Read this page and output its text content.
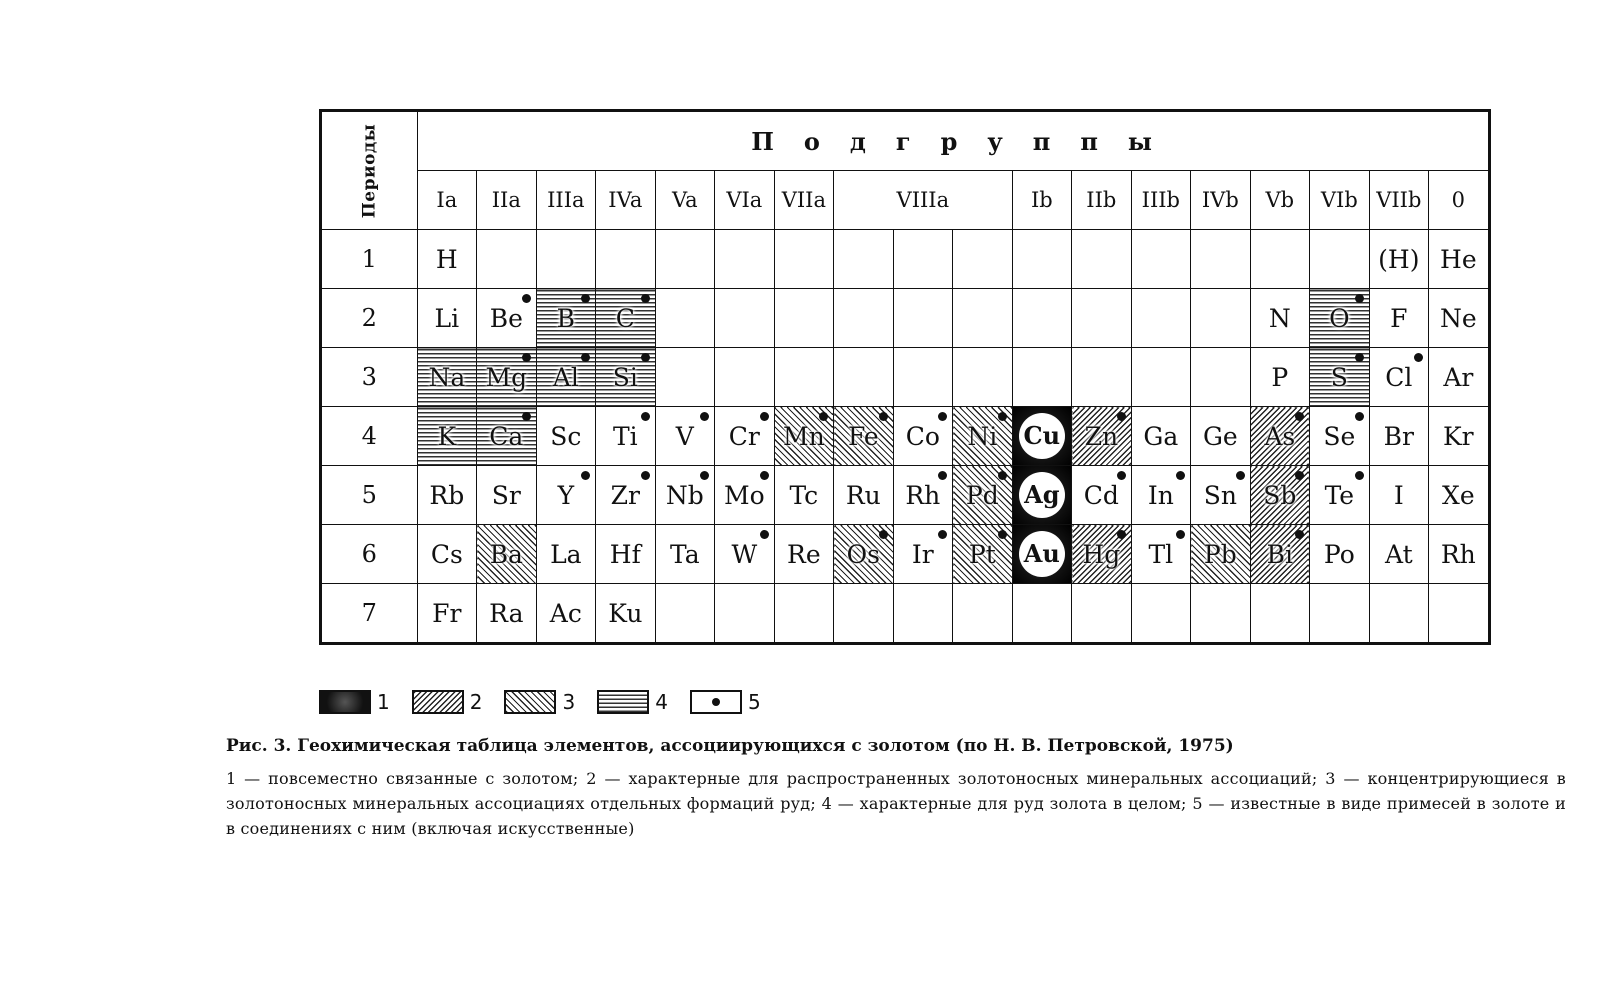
Периоды	П о д г р у п п ы																	
	Ia	IIa	IIIa	IVa	Va	VIa	VIIa	VIIIa			Ib	IIb	IIIb	IVb	Vb	VIb	VIIb	0
1	H																(H)	He
2	Li	Be	B	C											N	O	F	Ne
3	Na	Mg	Al	Si											P	S	Cl	Ar
4	K	Ca	Sc	Ti	V	Cr	Mn	Fe	Co	Ni	Cu	Zn	Ga	Ge	As	Se	Br	Kr
5	Rb	Sr	Y	Zr	Nb	Mo	Tc	Ru	Rh	Pd	Ag	Cd	In	Sn	Sb	Te	I	Xe
6	Cs	Ba	La	Hf	Ta	W	Re	Os	Ir	Pt	Au	Hg	Tl	Pb	Bi	Po	At	Rh
7	Fr	Ra	Ac	Ku														
1	2	3	4	5

Рис. 3. Геохимическая таблица элементов, ассоциирующихся с золотом (по Н. В. Петровской, 1975)

1 — повсеместно связанные с золотом; 2 — характерные для распространенных золотоносных минеральных ассоциаций; 3 — концентрирующиеся в золотоносных минеральных ассоциациях отдельных формаций руд; 4 — характерные для руд золота в целом; 5 — известные в виде примесей в золоте и в соединениях с ним (включая искусственные)
